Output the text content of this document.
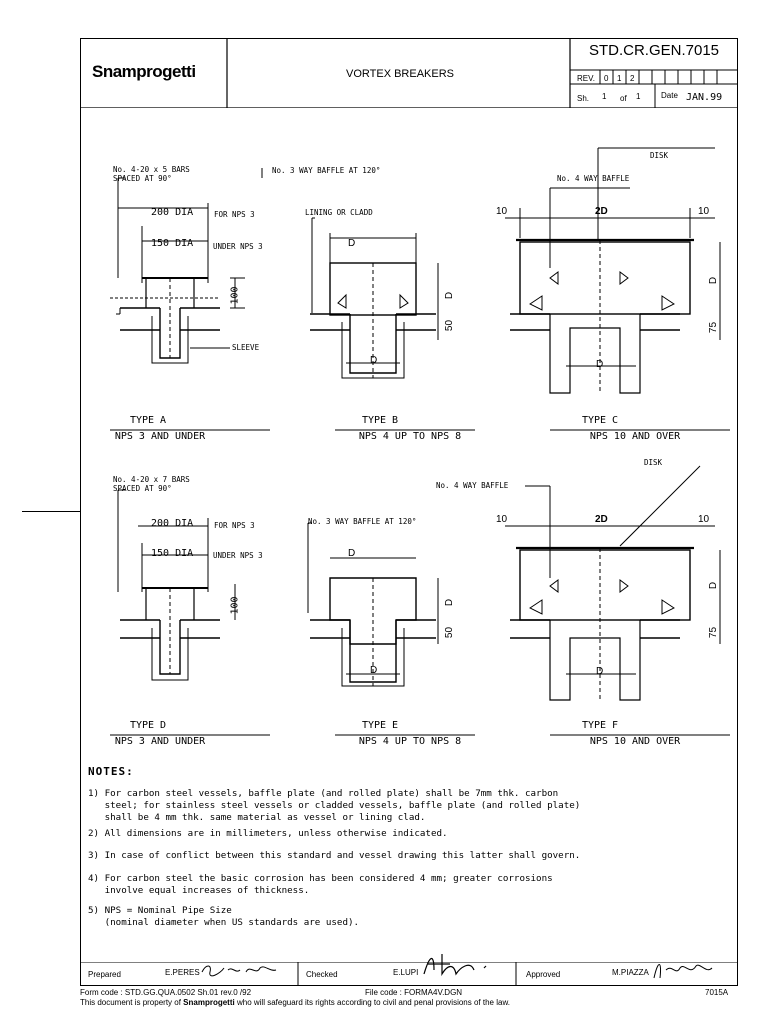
Snamprogetti	VORTEX BREAKERS
STD.CR.GEN.7015
REV. 0 1 2
Sh. 1 of 1	Date JAN.99
No. 4-20 x 5 BARS
SPACED AT 90°
200 DIA	FOR NPS 3
150 DIA	UNDER NPS 3
100
SLEEVE
TYPE A
NPS 3 AND UNDER
No. 3 WAY BAFFLE AT 120°
LINING OR CLADD
D
D
50
D
TYPE B
NPS 4 UP TO NPS 8
DISK
No. 4 WAY BAFFLE
10	2D	10
D
75
D
TYPE C
NPS 10 AND OVER
No. 4-20 x 7 BARS
SPACED AT 90°
200 DIA	FOR NPS 3
150 DIA	UNDER NPS 3
100
TYPE D
NPS 3 AND UNDER
No. 3 WAY BAFFLE AT 120°
D
D
50
D
TYPE E
NPS 4 UP TO NPS 8
DISK
No. 4 WAY BAFFLE
10	2D	10
D
75
D
TYPE F
NPS 10 AND OVER
NOTES:
1) For carbon steel vessels, baffle plate (and rolled plate) shall be 7mm thk. carbon
steel; for stainless steel vessels or cladded vessels, baffle plate (and rolled plate)
shall be 4 mm thk. same material as vessel or lining clad.
2) All dimensions are in millimeters, unless otherwise indicated.
3) In case of conflict between this standard and vessel drawing this latter shall govern.
4) For carbon steel the basic corrosion has been considered 4 mm; greater corrosions
involve equal increases of thickness.
5) NPS = Nominal Pipe Size
(nominal diameter when US standards are used).
Prepared	E.PERES	Checked	E.LUPI	Approved	M.PIAZZA
Form code : STD.GG.QUA.0502 Sh.01 rev.0 /92	File code : FORMA4V.DGN	7015A
This document is property of Snamprogetti who will safeguard its rights according to civil and penal provisions of the law.
